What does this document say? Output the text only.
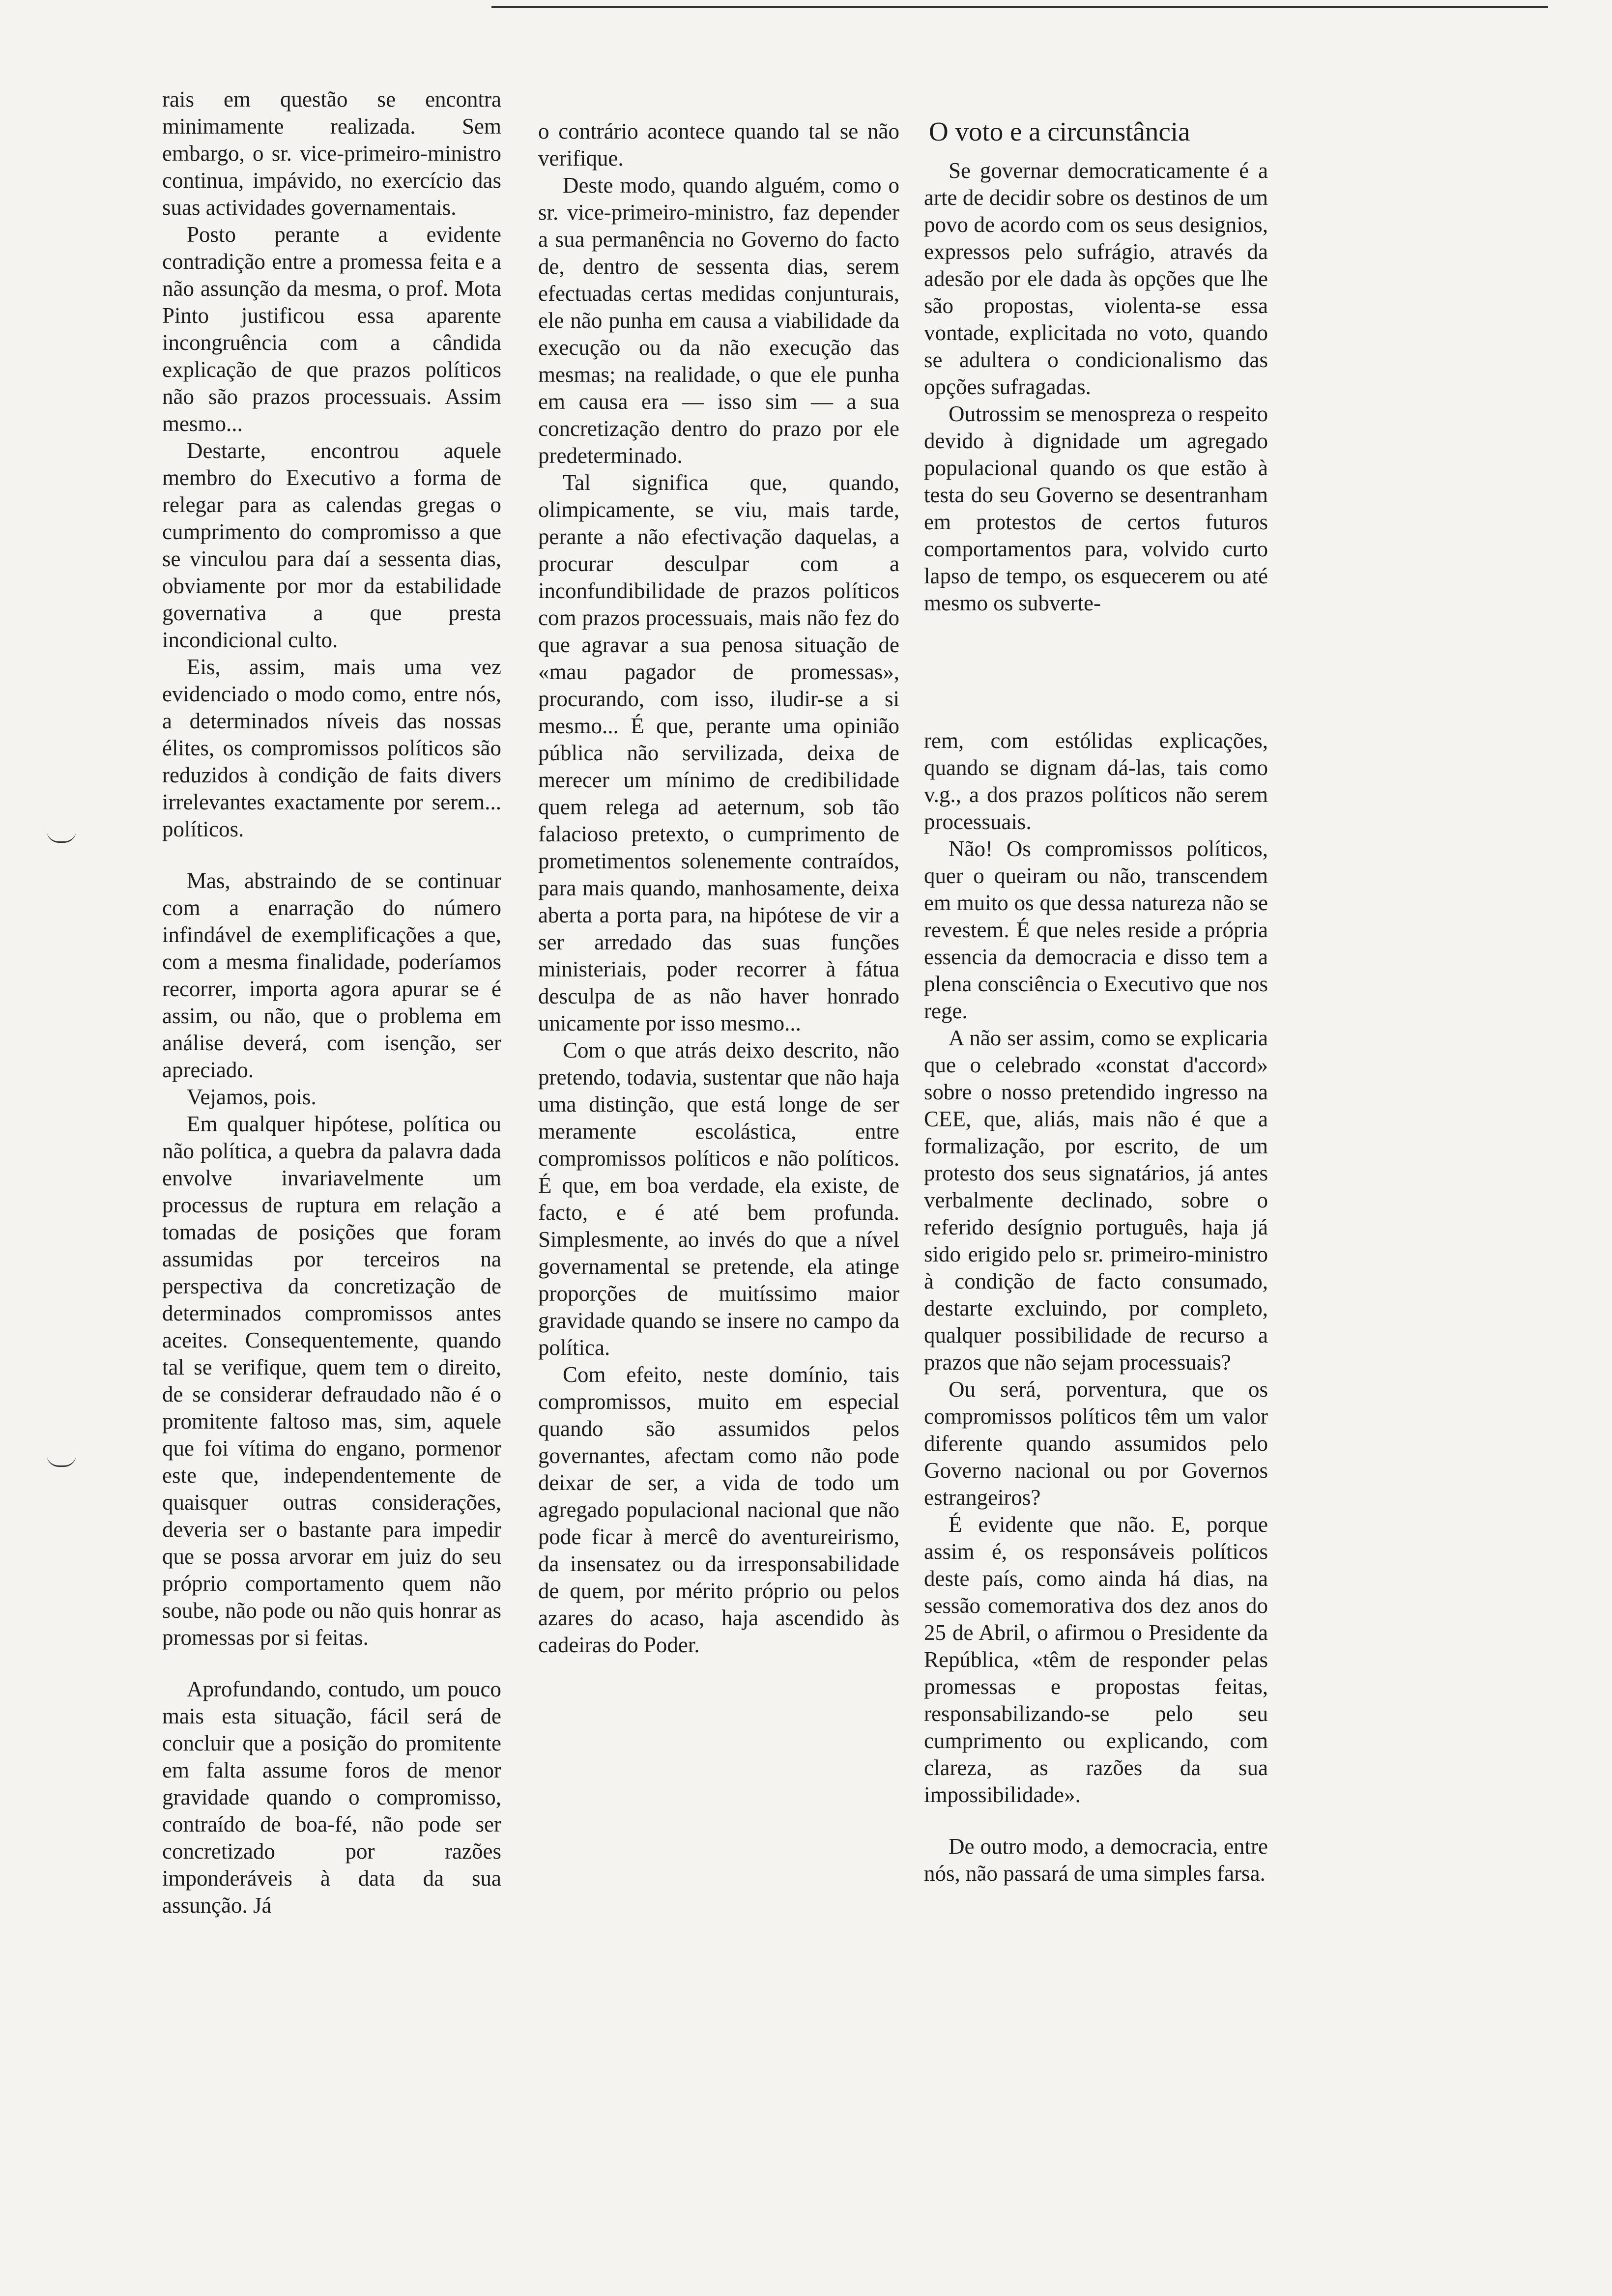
rais em questão se encontra minimamente realizada. Sem embargo, o sr. vice-primeiro-ministro continua, impávido, no exercício das suas actividades governamentais.

Posto perante a evidente contradição entre a promessa feita e a não assunção da mesma, o prof. Mota Pinto justificou essa aparente incongruência com a cândida explicação de que prazos políticos não são prazos processuais. Assim mesmo...

Destarte, encontrou aquele membro do Executivo a forma de relegar para as calendas gregas o cumprimento do compromisso a que se vinculou para daí a sessenta dias, obviamente por mor da estabilidade governativa a que presta incondicional culto.

Eis, assim, mais uma vez evidenciado o modo como, entre nós, a determinados níveis das nossas élites, os compromissos políticos são reduzidos à condição de faits divers irrelevantes exactamente por serem... políticos.

Mas, abstraindo de se continuar com a enarração do número infindável de exemplificações a que, com a mesma finalidade, poderíamos recorrer, importa agora apurar se é assim, ou não, que o problema em análise deverá, com isenção, ser apreciado.

Vejamos, pois.

Em qualquer hipótese, política ou não política, a quebra da palavra dada envolve invariavelmente um processus de ruptura em relação a tomadas de posições que foram assumidas por terceiros na perspectiva da concretização de determinados compromissos antes aceites. Consequentemente, quando tal se verifique, quem tem o direito, de se considerar defraudado não é o promitente faltoso mas, sim, aquele que foi vítima do engano, pormenor este que, independentemente de quaisquer outras considerações, deveria ser o bastante para impedir que se possa arvorar em juiz do seu próprio comportamento quem não soube, não pode ou não quis honrar as promessas por si feitas.

Aprofundando, contudo, um pouco mais esta situação, fácil será de concluir que a posição do promitente em falta assume foros de menor gravidade quando o compromisso, contraído de boa-fé, não pode ser concretizado por razões imponderáveis à data da sua assunção. Já

o contrário acontece quando tal se não verifique.

Deste modo, quando alguém, como o sr. vice-primeiro-ministro, faz depender a sua permanência no Governo do facto de, dentro de sessenta dias, serem efectuadas certas medidas conjunturais, ele não punha em causa a viabilidade da execução ou da não execução das mesmas; na realidade, o que ele punha em causa era — isso sim — a sua concretização dentro do prazo por ele predeterminado.

Tal significa que, quando, olimpicamente, se viu, mais tarde, perante a não efectivação daquelas, a procurar desculpar com a inconfundibilidade de prazos políticos com prazos processuais, mais não fez do que agravar a sua penosa situação de «mau pagador de promessas», procurando, com isso, iludir-se a si mesmo... É que, perante uma opinião pública não servilizada, deixa de merecer um mínimo de credibilidade quem relega ad aeternum, sob tão falacioso pretexto, o cumprimento de prometimentos solenemente contraídos, para mais quando, manhosamente, deixa aberta a porta para, na hipótese de vir a ser arredado das suas funções ministeriais, poder recorrer à fátua desculpa de as não haver honrado unicamente por isso mesmo...

Com o que atrás deixo descrito, não pretendo, todavia, sustentar que não haja uma distinção, que está longe de ser meramente escolástica, entre compromissos políticos e não políticos. É que, em boa verdade, ela existe, de facto, e é até bem profunda. Simplesmente, ao invés do que a nível governamental se pretende, ela atinge proporções de muitíssimo maior gravidade quando se insere no campo da política.

Com efeito, neste domínio, tais compromissos, muito em especial quando são assumidos pelos governantes, afectam como não pode deixar de ser, a vida de todo um agregado populacional nacional que não pode ficar à mercê do aventureirismo, da insensatez ou da irresponsabilidade de quem, por mérito próprio ou pelos azares do acaso, haja ascendido às cadeiras do Poder.

O voto e a circunstância

Se governar democraticamente é a arte de decidir sobre os destinos de um povo de acordo com os seus designios, expressos pelo sufrágio, através da adesão por ele dada às opções que lhe são propostas, violenta-se essa vontade, explicitada no voto, quando se adultera o condicionalismo das opções sufragadas.

Outrossim se menospreza o respeito devido à dignidade um agregado populacional quando os que estão à testa do seu Governo se desentranham em protestos de certos futuros comportamentos para, volvido curto lapso de tempo, os esquecerem ou até mesmo os subverte-

rem, com estólidas explicações, quando se dignam dá-las, tais como v.g., a dos prazos políticos não serem processuais.

Não! Os compromissos políticos, quer o queiram ou não, transcendem em muito os que dessa natureza não se revestem. É que neles reside a própria essencia da democracia e disso tem a plena consciência o Executivo que nos rege.

A não ser assim, como se explicaria que o celebrado «constat d'accord» sobre o nosso pretendido ingresso na CEE, que, aliás, mais não é que a formalização, por escrito, de um protesto dos seus signatários, já antes verbalmente declinado, sobre o referido desígnio português, haja já sido erigido pelo sr. primeiro-ministro à condição de facto consumado, destarte excluindo, por completo, qualquer possibilidade de recurso a prazos que não sejam processuais?

Ou será, porventura, que os compromissos políticos têm um valor diferente quando assumidos pelo Governo nacional ou por Governos estrangeiros?

É evidente que não. E, porque assim é, os responsáveis políticos deste país, como ainda há dias, na sessão comemorativa dos dez anos do 25 de Abril, o afirmou o Presidente da República, «têm de responder pelas promessas e propostas feitas, responsabilizando-se pelo seu cumprimento ou explicando, com clareza, as razões da sua impossibilidade».

De outro modo, a democracia, entre nós, não passará de uma simples farsa.
